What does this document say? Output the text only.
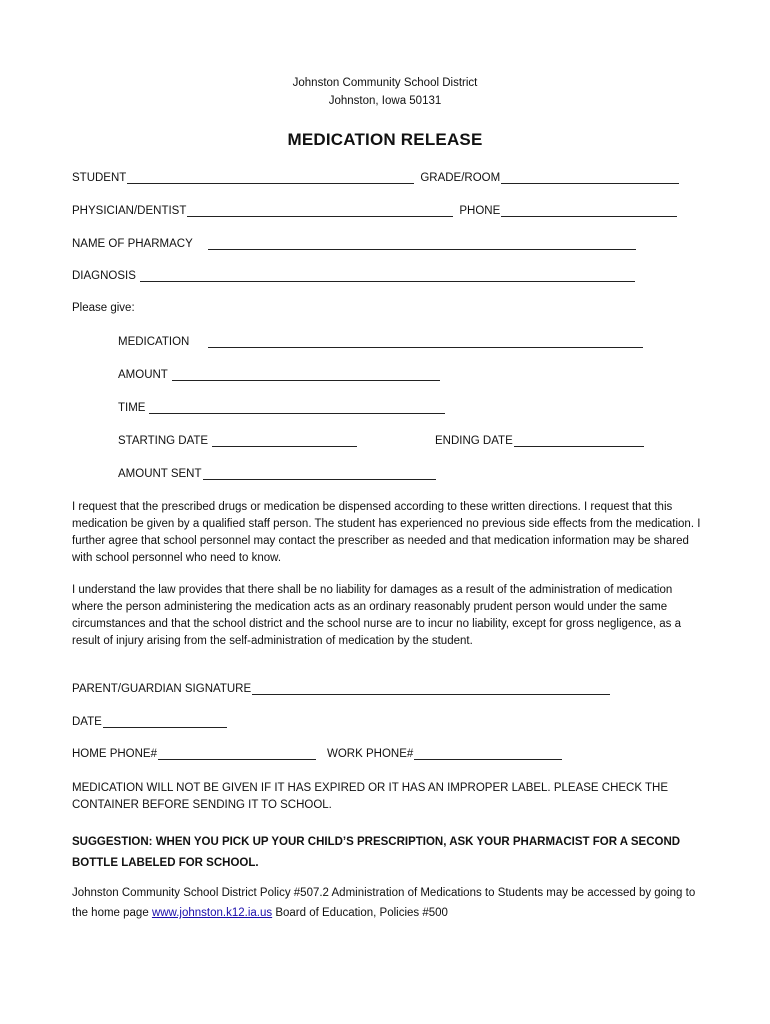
Johnston Community School District
Johnston, Iowa 50131
MEDICATION RELEASE
STUDENT	GRADE/ROOM
PHYSICIAN/DENTIST	PHONE
NAME OF PHARMACY
DIAGNOSIS
Please give:
MEDICATION
AMOUNT
TIME
STARTING DATE	ENDING DATE
AMOUNT SENT
I request that the prescribed drugs or medication be dispensed according to these written directions. I request that this medication be given by a qualified staff person. The student has experienced no previous side effects from the medication. I further agree that school personnel may contact the prescriber as needed and that medication information may be shared with school personnel who need to know.
I understand the law provides that there shall be no liability for damages as a result of the administration of medication where the person administering the medication acts as an ordinary reasonably prudent person would under the same circumstances and that the school district and the school nurse are to incur no liability, except for gross negligence, as a result of injury arising from the self-administration of medication by the student.
PARENT/GUARDIAN SIGNATURE
DATE
HOME PHONE#	WORK PHONE#
MEDICATION WILL NOT BE GIVEN IF IT HAS EXPIRED OR IT HAS AN IMPROPER LABEL. PLEASE CHECK THE CONTAINER BEFORE SENDING IT TO SCHOOL.
SUGGESTION: WHEN YOU PICK UP YOUR CHILD’S PRESCRIPTION, ASK YOUR PHARMACIST FOR A SECOND BOTTLE LABELED FOR SCHOOL.
Johnston Community School District Policy #507.2 Administration of Medications to Students may be accessed by going to the home page www.johnston.k12.ia.us Board of Education, Policies #500
